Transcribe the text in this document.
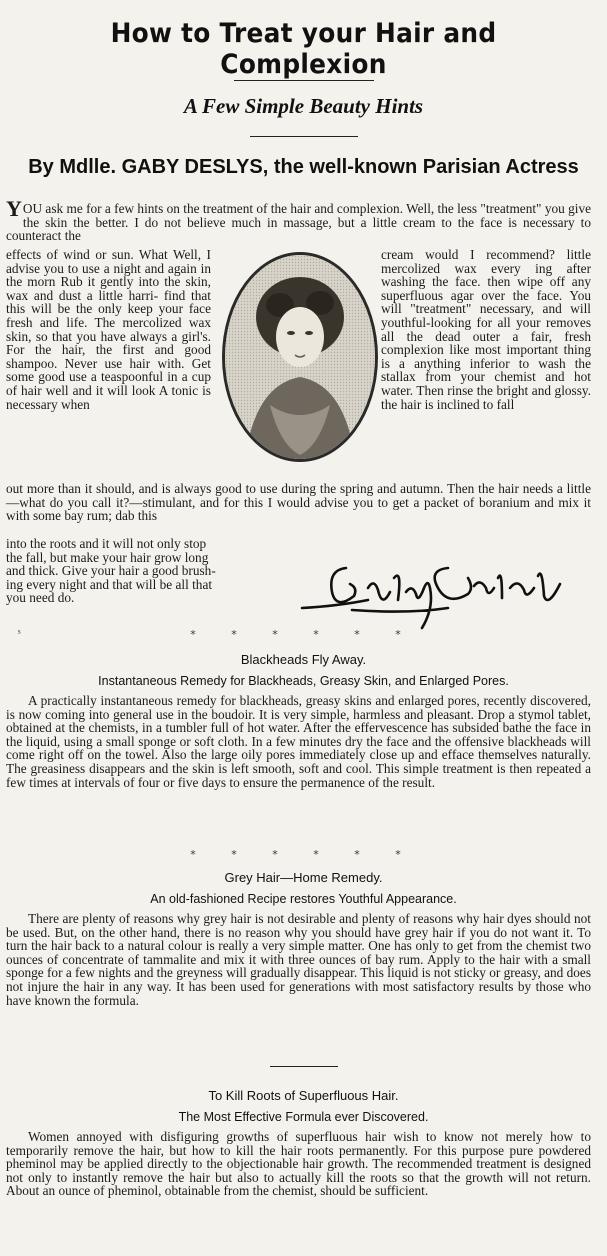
How to Treat your Hair and Complexion
A Few Simple Beauty Hints
By Mdlle. GABY DESLYS, the well-known Parisian Actress

YOU ask me for a few hints on the treatment of the hair and complexion. Well, the less "treatment" you give the skin the better. I do not believe much in massage, but a little cream to the face is necessary to counteract the

effects of wind or sun. What Well, I advise you to use a night and again in the morn Rub it gently into the skin, wax and dust a little harri- find that this will be the only keep your face fresh and life. The mercolized wax skin, so that you have always a girl's. For the hair, the first and good shampoo. Never use hair with. Get some good use a teaspoonful in a cup of hair well and it will look A tonic is necessary when

cream would I recommend? little mercolized wax every ing after washing the face. then wipe off any superfluous agar over the face. You will "treatment" necessary, and will youthful-looking for all your removes all the dead outer a fair, fresh complexion like most important thing is a anything inferior to wash the stallax from your chemist and hot water. Then rinse the bright and glossy. the hair is inclined to fall

out more than it should, and is always good to use during the spring and autumn. Then the hair needs a little—what do you call it?—stimulant, and for this I would advise you to get a packet of boranium and mix it with some bay rum; dab this

into the roots and it will not only stop
the fall, but make your hair grow long
and thick. Give your hair a good brush-
ing every night and that will be all that
you need do.
ˢ	* * * * * *
Blackheads Fly Away.
Instantaneous Remedy for Blackheads, Greasy Skin, and Enlarged Pores.

A practically instantaneous remedy for blackheads, greasy skins and enlarged pores, recently discovered, is now coming into general use in the boudoir. It is very simple, harmless and pleasant. Drop a stymol tablet, obtained at the chemists, in a tumbler full of hot water. After the effervescence has subsided bathe the face in the liquid, using a small sponge or soft cloth. In a few minutes dry the face and the offensive blackheads will come right off on the towel. Also the large oily pores immediately close up and efface themselves naturally. The greasiness disappears and the skin is left smooth, soft and cool. This simple treatment is then repeated a few times at intervals of four or five days to ensure the permanence of the result.

* * * * * *
Grey Hair—Home Remedy.
An old-fashioned Recipe restores Youthful Appearance.

There are plenty of reasons why grey hair is not desirable and plenty of reasons why hair dyes should not be used. But, on the other hand, there is no reason why you should have grey hair if you do not want it. To turn the hair back to a natural colour is really a very simple matter. One has only to get from the chemist two ounces of concentrate of tammalite and mix it with three ounces of bay rum. Apply to the hair with a small sponge for a few nights and the greyness will gradually disappear. This liquid is not sticky or greasy, and does not injure the hair in any way. It has been used for generations with most satisfactory results by those who have known the formula.

To Kill Roots of Superfluous Hair.
The Most Effective Formula ever Discovered.

Women annoyed with disfiguring growths of superfluous hair wish to know not merely how to temporarily remove the hair, but how to kill the hair roots permanently. For this purpose pure powdered pheminol may be applied directly to the objectionable hair growth. The recommended treatment is designed not only to instantly remove the hair but also to actually kill the roots so that the growth will not return. About an ounce of pheminol, obtainable from the chemist, should be sufficient.
